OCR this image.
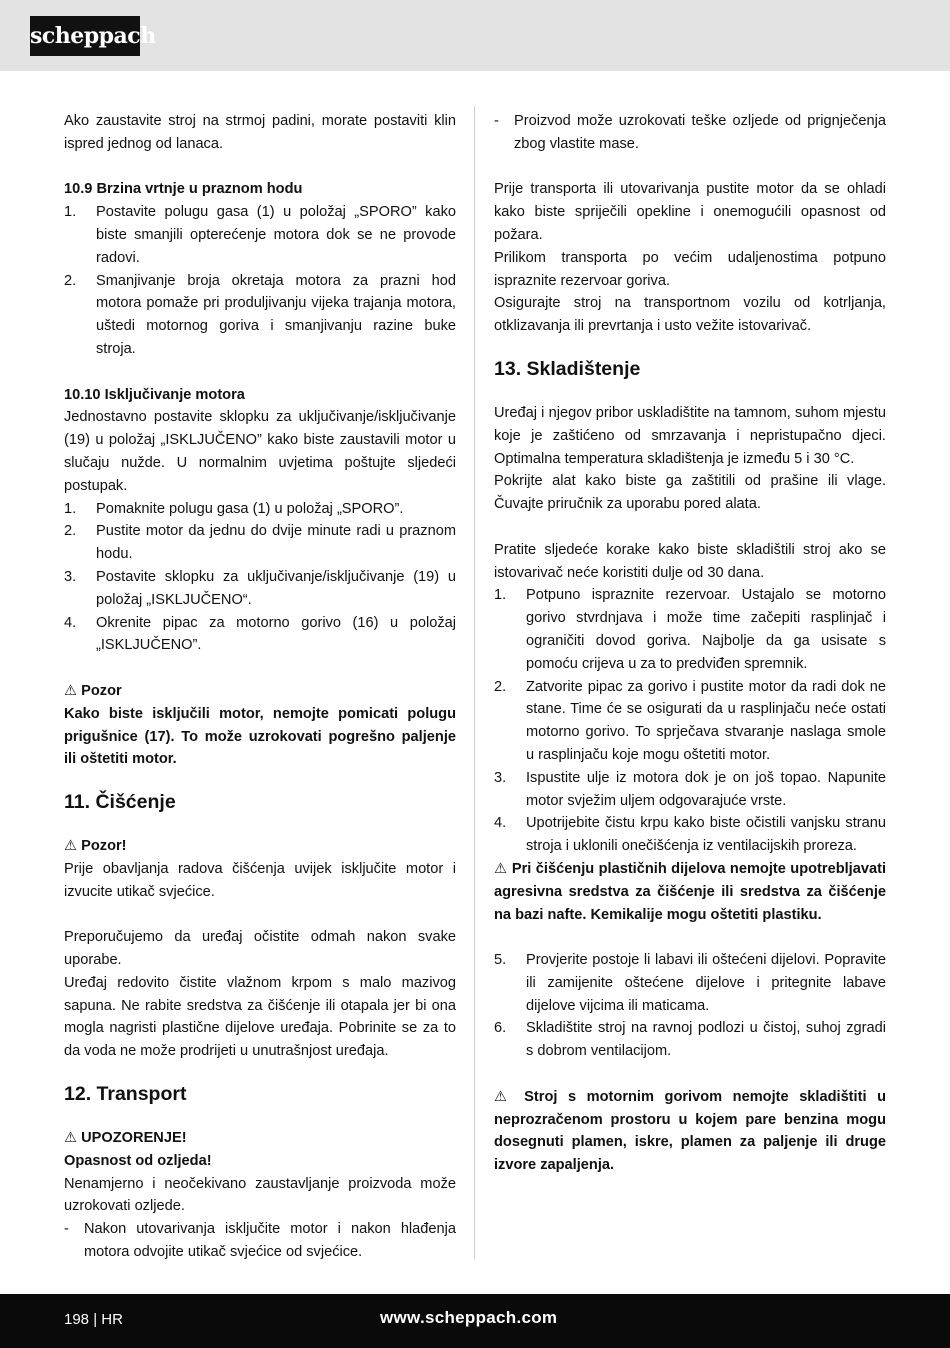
scheppach

Ako zaustavite stroj na strmoj padini, morate postaviti klin ispred jednog od lanaca.

10.9 Brzina vrtnje u praznom hodu

1.	Postavite polugu gasa (1) u položaj „SPORO” kako biste smanjili opterećenje motora dok se ne provode radovi.
2.	Smanjivanje broja okretaja motora za prazni hod motora pomaže pri produljivanju vijeka trajanja motora, uštedi motornog goriva i smanjivanju razine buke stroja.

10.10 Isključivanje motora

Jednostavno postavite sklopku za uključivanje/isključivanje (19) u položaj „ISKLJUČENO” kako biste zaustavili motor u slučaju nužde. U normalnim uvjetima poštujte sljedeći postupak.

1.	Pomaknite polugu gasa (1) u položaj „SPORO”.
2.	Pustite motor da jednu do dvije minute radi u praznom hodu.
3.	Postavite sklopku za uključivanje/isključivanje (19) u položaj „ISKLJUČENO“.
4.	Okrenite pipac za motorno gorivo (16) u položaj „ISKLJUČENO”.

⚠ Pozor

Kako biste isključili motor, nemojte pomicati polugu prigušnice (17). To može uzrokovati pogrešno paljenje ili oštetiti motor.

11. Čišćenje

⚠ Pozor!

Prije obavljanja radova čišćenja uvijek isključite motor i izvucite utikač svjećice.

Preporučujemo da uređaj očistite odmah nakon svake uporabe.

Uređaj redovito čistite vlažnom krpom s malo mazivog sapuna. Ne rabite sredstva za čišćenje ili otapala jer bi ona mogla nagristi plastične dijelove uređaja. Pobrinite se za to da voda ne može prodrijeti u unutrašnjost uređaja.

12. Transport

⚠ UPOZORENJE!

Opasnost od ozljeda!

Nenamjerno i neočekivano zaustavljanje proizvoda može uzrokovati ozljede.

-	Nakon utovarivanja isključite motor i nakon hlađenja motora odvojite utikač svjećice od svjećice.
-	Proizvod može uzrokovati teške ozljede od prignječenja zbog vlastite mase.

Prije transporta ili utovarivanja pustite motor da se ohladi kako biste spriječili opekline i onemogućili opasnost od požara.

Prilikom transporta po većim udaljenostima potpuno ispraznite rezervoar goriva.

Osigurajte stroj na transportnom vozilu od kotrljanja, otklizavanja ili prevrtanja i usto vežite istovarivač.

13. Skladištenje

Uređaj i njegov pribor uskladištite na tamnom, suhom mjestu koje je zaštićeno od smrzavanja i nepristupačno djeci. Optimalna temperatura skladištenja je između 5 i 30 °C.

Pokrijte alat kako biste ga zaštitili od prašine ili vlage. Čuvajte priručnik za uporabu pored alata.

Pratite sljedeće korake kako biste skladištili stroj ako se istovarivač neće koristiti dulje od 30 dana.

1.	Potpuno ispraznite rezervoar. Ustajalo se motorno gorivo stvrdnjava i može time začepiti rasplinjač i ograničiti dovod goriva. Najbolje da ga usisate s pomoću crijeva u za to predviđen spremnik.
2.	Zatvorite pipac za gorivo i pustite motor da radi dok ne stane. Time će se osigurati da u rasplinjaču neće ostati motorno gorivo. To sprječava stvaranje naslaga smole u rasplinjaču koje mogu oštetiti motor.
3.	Ispustite ulje iz motora dok je on još topao. Napunite motor svježim uljem odgovarajuće vrste.
4.	Upotrijebite čistu krpu kako biste očistili vanjsku stranu stroja i uklonili onečišćenja iz ventilacijskih proreza.

⚠ Pri čišćenju plastičnih dijelova nemojte upotrebljavati agresivna sredstva za čišćenje ili sredstva za čišćenje na bazi nafte. Kemikalije mogu oštetiti plastiku.

5.	Provjerite postoje li labavi ili oštećeni dijelovi. Popravite ili zamijenite oštećene dijelove i pritegnite labave dijelove vijcima ili maticama.
6.	Skladištite stroj na ravnoj podlozi u čistoj, suhoj zgradi s dobrom ventilacijom.

⚠ Stroj s motornim gorivom nemojte skladištiti u neprozračenom prostoru u kojem pare benzina mogu dosegnuti plamen, iskre, plamen za paljenje ili druge izvore zapaljenja.

198 | HR	www.scheppach.com
